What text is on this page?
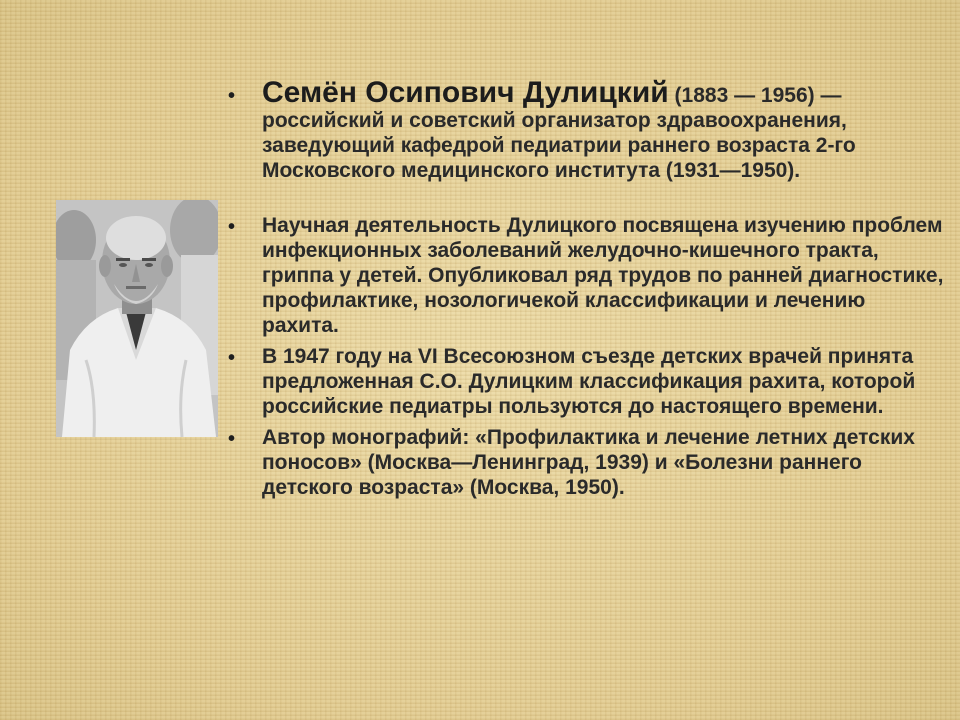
• Семён Осипович Дулицкий (1883 — 1956) — российский и советский организатор здравоохранения, заведующий кафедрой педиатрии раннего возраста 2-го Московского медицинского института (1931—1950).
• Научная деятельность Дулицкого посвящена изучению проблем инфекционных заболеваний желудочно-кишечного тракта, гриппа у детей. Опубликовал ряд трудов по ранней диагностике, профилактике, нозологичекой классификации и лечению рахита.
• В 1947 году на VI Всесоюзном съезде детских врачей принята предложенная С.О. Дулицким классификация рахита, которой российские педиатры пользуются до настоящего времени.
• Автор монографий: «Профилактика и лечение летних детских поносов» (Москва—Ленинград, 1939) и «Болезни раннего детского возраста» (Москва, 1950).
